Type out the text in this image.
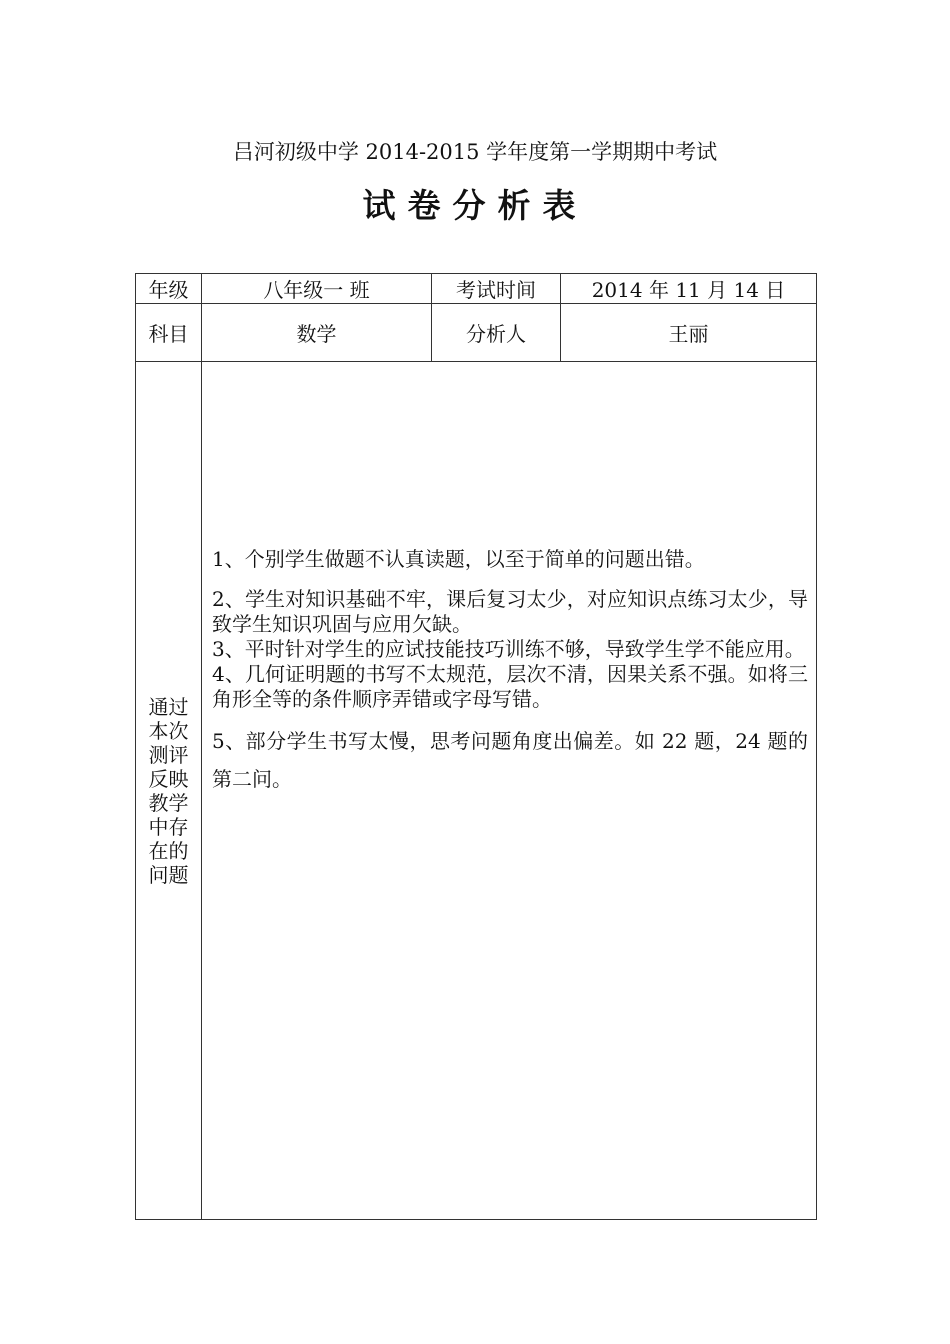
吕河初级中学 2014-2015 学年度第一学期期中考试
试卷分析表
年级	八年级一 班	考试时间	2014 年 11 月 14 日
科目	数学	分析人	王丽

通过本次测评反映教学中存在的问题	1、个别学生做题不认真读题，以至于简单的问题出错。

2、学生对知识基础不牢，课后复习太少，对应知识点练习太少，导致学生知识巩固与应用欠缺。

3、平时针对学生的应试技能技巧训练不够，导致学生学不能应用。

4、几何证明题的书写不太规范，层次不清，因果关系不强。如将三角形全等的条件顺序弄错或字母写错。

5、部分学生书写太慢，思考问题角度出偏差。如 22 题，24 题的第二问。		
